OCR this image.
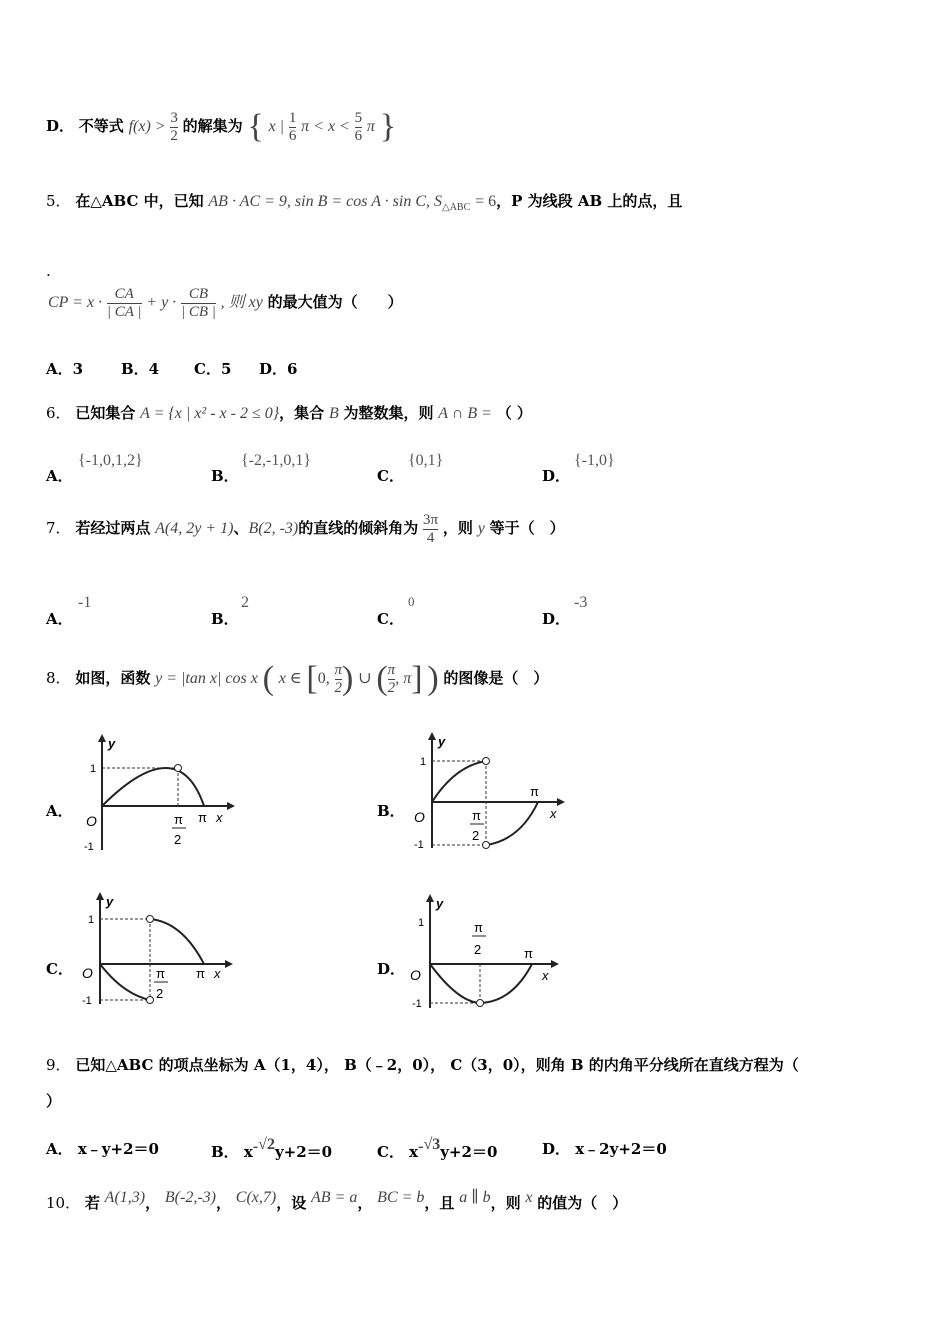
D． 不等式 $f(x) > \frac{3}{2}$ 的解集为 { x | $\frac{1}{6}$ $\pi < x < \frac{5}{6}$ π }
5． 在△ABC 中，已知 AB · AC = 9, sin B = cos A · sin C, $S_{\triangle ABC} = 6$，P 为线段 AB 上的点，且
.
CP = $x \cdot \frac{CA}{| CA |} + y \cdot \frac{CB}{| CB |}$ , 则 xy 的最大值为（　　）
A．3	B．4 C．5 D．6
6． 已知集合 A = {x | x² - x - 2 ≤ 0}，集合 B 为整数集，则 A ∩ B = （ ）
A．
{-1,0,1,2}
B．
{-2,-1,0,1}
C．
{0,1}
D．
{-1,0}
7． 若经过两点 A(4, 2y + 1)、B(2, -3)的直线的倾斜角为 $\frac{3\pi}{4}$ ，则 y 等于（　）
A．
-1
B．
2
C．
0
D．
-3
8． 如图，函数 y = |tan x| cos x ( x ∈ [0, $\frac{\pi}{2}$ ) ∪ ( $\frac{\pi}{2}$ , π] ) 的图像是（　）
A．
y
1
O
-1
π
2
π x	B．
y
1
O
-1
π
2
π
x
C．
y
1
O
-1
π
2
π x	D．
y
1
O
-1
π
2	π
x
9． 已知△ABC 的项点坐标为 A（1，4）， B（﹣2，0）， C（3，0），则角 B 的内角平分线所在直线方程为（
）
A． x﹣y+2＝0	B． x-√2y+2＝0	C． x-√3y+2＝0	D． x﹣2y+2＝0
10． 若 A(1,3)， B(-2,-3)， C(x,7)，设 AB = a， BC = b，且 a ∥ b，则 x 的值为（　）
